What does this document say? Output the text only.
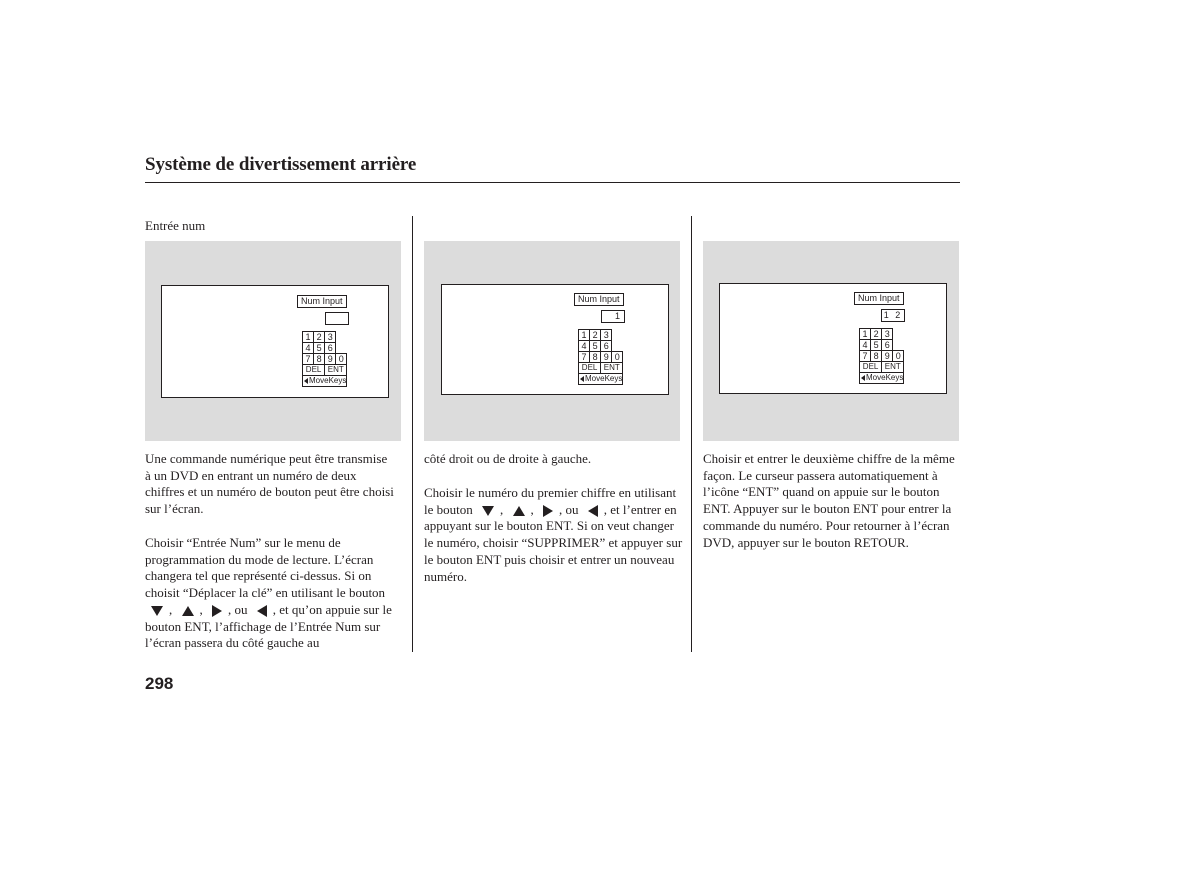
Système de divertissement arrière
Entrée num
Num Input
1	2	3	
4	5	6	
7	8	9	0
DEL		ENT	
MoveKeys			
Num Input
1
1	2	3	
4	5	6	
7	8	9	0
DEL		ENT	
MoveKeys			
Num Input
1 2
1	2	3	
4	5	6	
7	8	9	0
DEL		ENT	
MoveKeys			

Une commande numérique peut être transmise à un DVD en entrant un numéro de deux chiffres et un numéro de bouton peut être choisi sur l’écran.

Choisir “Entrée Num” sur le menu de programmation du mode de lecture. L’écran changera tel que représenté ci-dessus. Si on choisit “Déplacer la clé” en utilisant le bouton , , , ou , et qu’on appuie sur le bouton ENT, l’affichage de l’Entrée Num sur l’écran passera du côté gauche au

côté droit ou de droite à gauche.

Choisir le numéro du premier chiffre en utilisant le bouton , , , ou , et l’entrer en appuyant sur le bouton ENT. Si on veut changer le numéro, choisir “SUPPRIMER” et appuyer sur le bouton ENT puis choisir et entrer un nouveau numéro.

Choisir et entrer le deuxième chiffre de la même façon. Le curseur passera automatiquement à l’icône “ENT” quand on appuie sur le bouton ENT. Appuyer sur le bouton ENT pour entrer la commande du numéro. Pour retourner à l’écran DVD, appuyer sur le bouton RETOUR.

298
